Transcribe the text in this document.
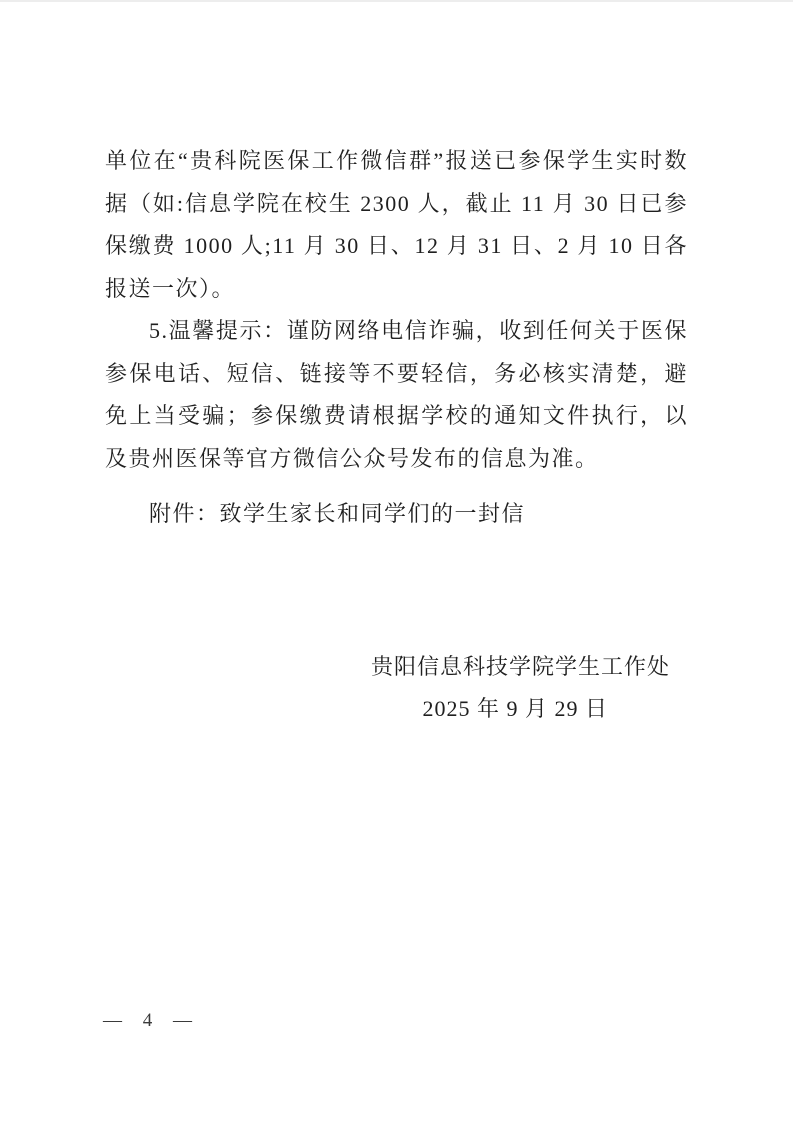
单位在“贵科院医保工作微信群”报送已参保学生实时数据（如:信息学院在校生 2300 人，截止 11 月 30 日已参保缴费 1000 人;11 月 30 日、12 月 31 日、2 月 10 日各报送一次）。

5.温馨提示：谨防网络电信诈骗，收到任何关于医保参保电话、短信、链接等不要轻信，务必核实清楚，避免上当受骗；参保缴费请根据学校的通知文件执行，以及贵州医保等官方微信公众号发布的信息为准。

附件：致学生家长和同学们的一封信

贵阳信息科技学院学生工作处

2025 年 9 月 29 日

— 4 —
